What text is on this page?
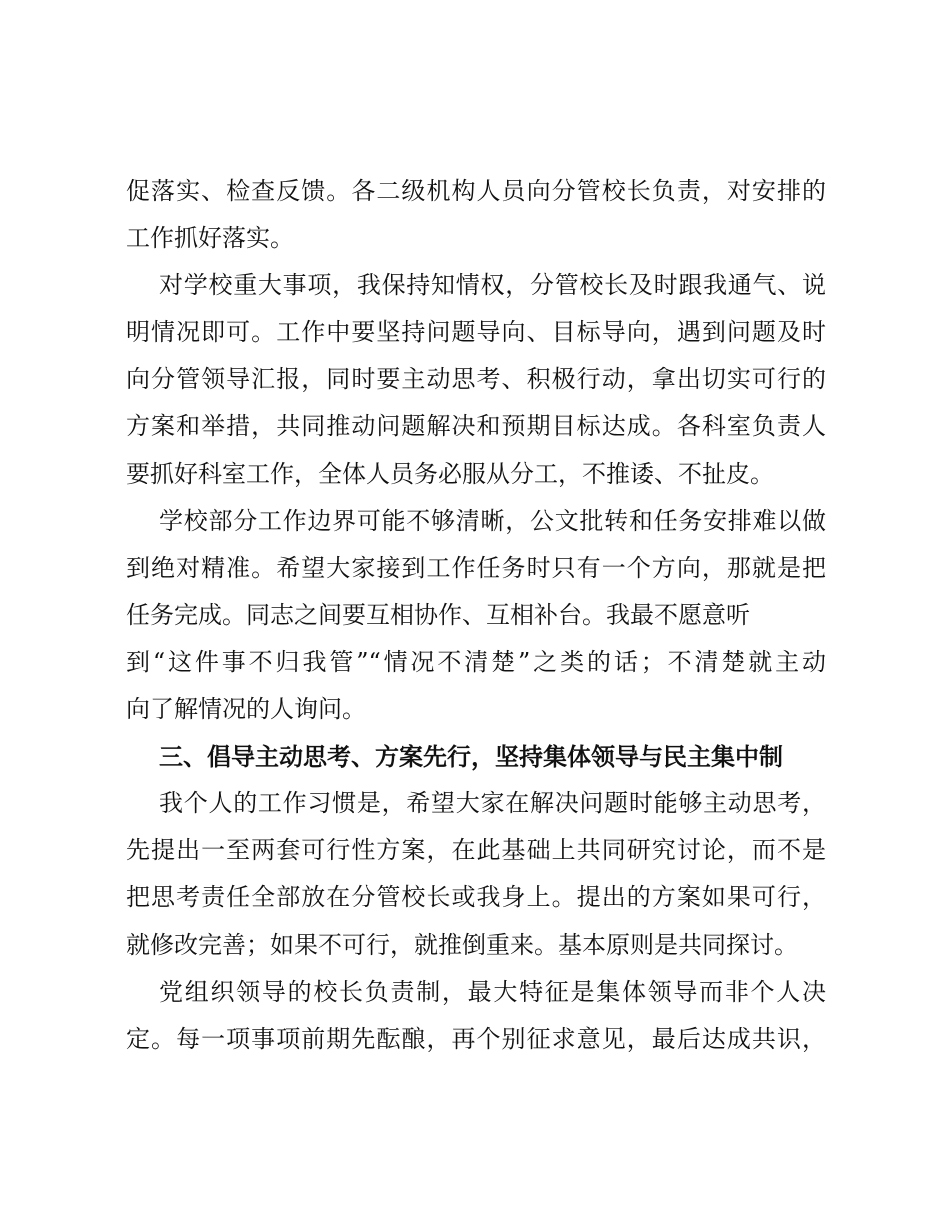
促落实、检查反馈。各二级机构人员向分管校长负责，对安排的
工作抓好落实。
对学校重大事项，我保持知情权，分管校长及时跟我通气、说
明情况即可。工作中要坚持问题导向、目标导向，遇到问题及时
向分管领导汇报，同时要主动思考、积极行动，拿出切实可行的
方案和举措，共同推动问题解决和预期目标达成。各科室负责人
要抓好科室工作，全体人员务必服从分工，不推诿、不扯皮。
学校部分工作边界可能不够清晰，公文批转和任务安排难以做
到绝对精准。希望大家接到工作任务时只有一个方向，那就是把
任务完成。同志之间要互相协作、互相补台。我最不愿意听
到“这件事不归我管”“情况不清楚”之类的话；不清楚就主动
向了解情况的人询问。
三、倡导主动思考、方案先行，坚持集体领导与民主集中制
我个人的工作习惯是，希望大家在解决问题时能够主动思考，
先提出一至两套可行性方案，在此基础上共同研究讨论，而不是
把思考责任全部放在分管校长或我身上。提出的方案如果可行，
就修改完善；如果不可行，就推倒重来。基本原则是共同探讨。
党组织领导的校长负责制，最大特征是集体领导而非个人决
定。每一项事项前期先酝酿，再个别征求意见，最后达成共识，
